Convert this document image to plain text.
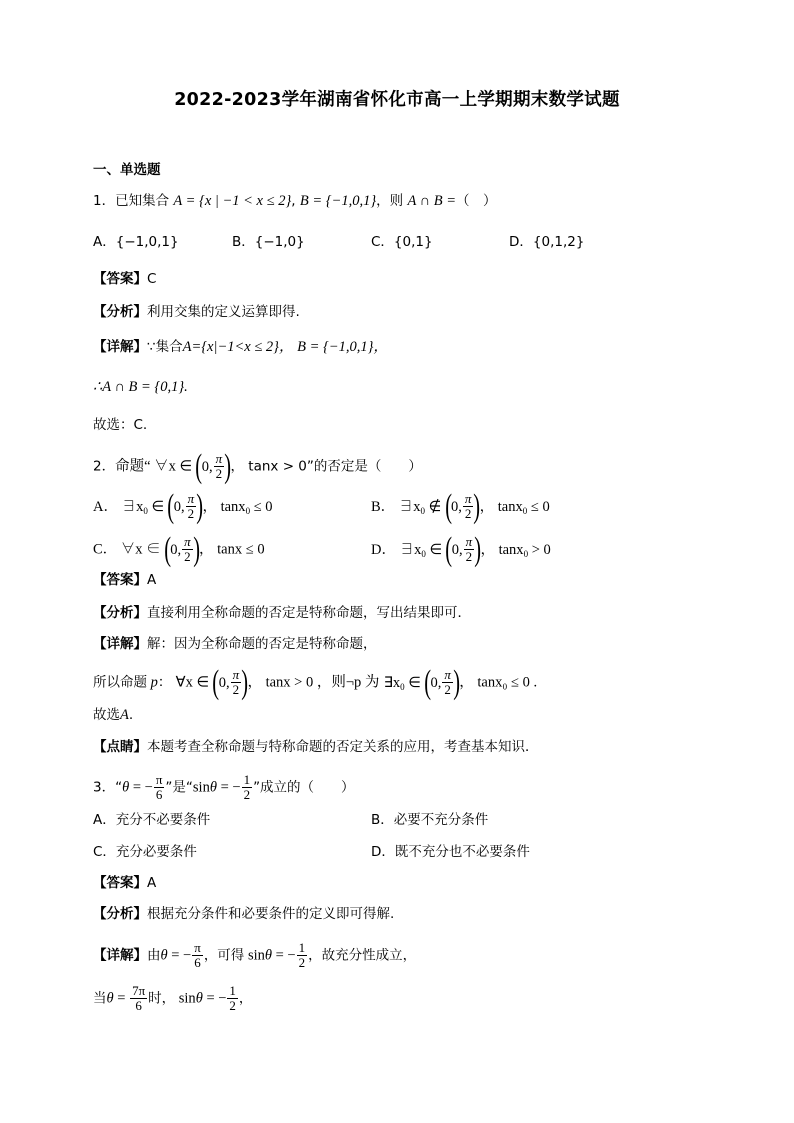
2022-2023学年湖南省怀化市高一上学期期末数学试题
一、单选题
1．已知集合 A = {x | −1 < x ≤ 2}, B = {−1,0,1}，则 A ∩ B =（　）
A．{−1,0,1}	B．{−1,0}	C．{0,1}	D．{0,1,2}
【答案】C
【分析】利用交集的定义运算即得.
【详解】∵集合A={x|−1<x ≤ 2}， B = {−1,0,1}，
∴A ∩ B = {0,1}.
故选：C.
2．命题“ ∀x ∈ ( 0, $\frac{\pi}{2}$ ) ， tanx > 0”的否定是（　　）
A． $\exists x_0$ ∈ ( 0, $\frac{\pi}{2}$ ) ， tanx$_0$ ≤ 0	B． $\exists x_0$ ∉ ( 0, $\frac{\pi}{2}$ ) ， tanx$_0$ ≤ 0
C． ∀x ∈ ( 0, $\frac{\pi}{2}$ ) ， tanx ≤ 0	D． $\exists x_0$ ∈ ( 0, $\frac{\pi}{2}$ ) ， tanx$_0$ > 0
【答案】A
【分析】直接利用全称命题的否定是特称命题，写出结果即可．
【详解】解：因为全称命题的否定是特称命题，
所以命题 p： ∀x ∈ ( 0, $\frac{\pi}{2}$ ) ， tanx > 0 ，则¬p 为 $\exists x_0$ ∈ ( 0, $\frac{\pi}{2}$ ) ， tanx₀ ≤ 0 .
故选A.
【点睛】本题考查全称命题与特称命题的否定关系的应用，考查基本知识．
3．“θ = − $\frac{\pi}{6}$ ”是“sinθ = − $\frac{1}{2}$ ”成立的（　　）
A．充分不必要条件	B．必要不充分条件
C．充分必要条件	D．既不充分也不必要条件
【答案】A
【分析】根据充分条件和必要条件的定义即可得解.
【详解】由θ = − $\frac{\pi}{6}$ ，可得 sinθ = − $\frac{1}{2}$ ，故充分性成立，
当$\theta = \frac{7\pi}{6}$ 时， sinθ = − $\frac{1}{2}$ ，
